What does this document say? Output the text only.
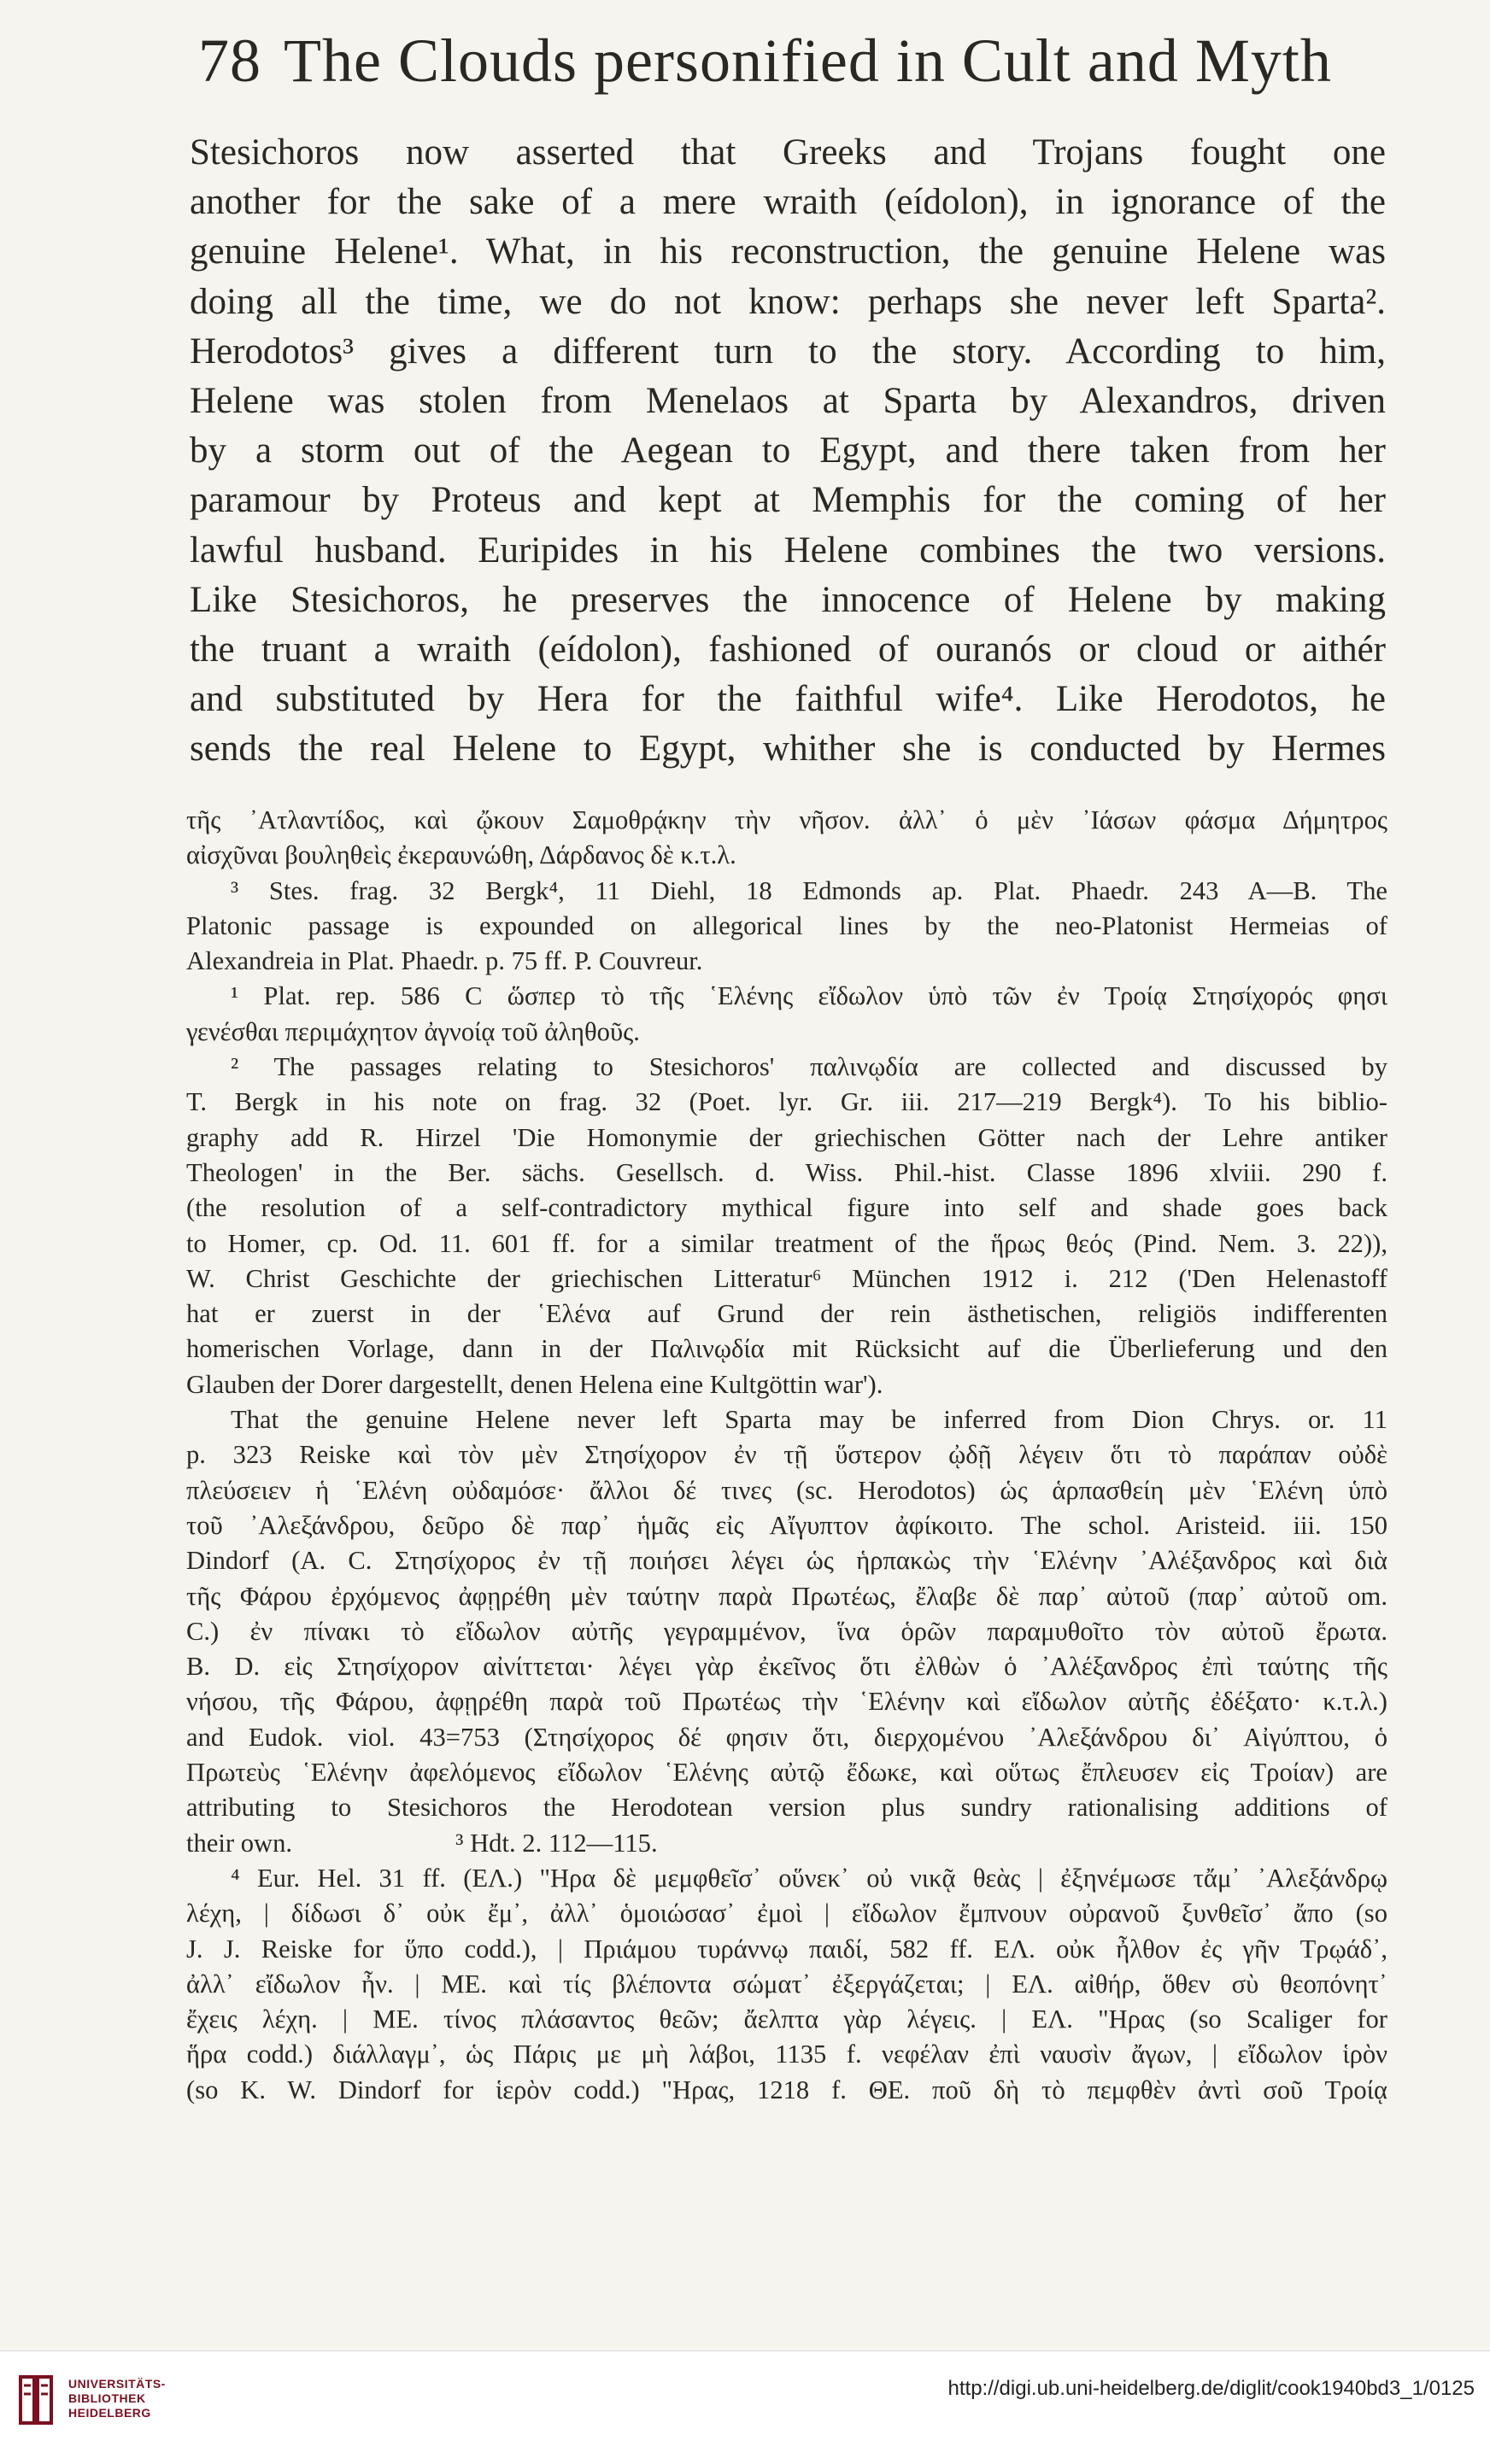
78 The Clouds personified in Cult and Myth
Stesichoros now asserted that Greeks and Trojans fought one
another for the sake of a mere wraith (eídolon), in ignorance of the
genuine Helene¹. What, in his reconstruction, the genuine Helene was
doing all the time, we do not know: perhaps she never left Sparta².
Herodotos³ gives a different turn to the story. According to him,
Helene was stolen from Menelaos at Sparta by Alexandros, driven
by a storm out of the Aegean to Egypt, and there taken from her
paramour by Proteus and kept at Memphis for the coming of her
lawful husband. Euripides in his Helene combines the two versions.
Like Stesichoros, he preserves the innocence of Helene by making
the truant a wraith (eídolon), fashioned of ouranós or cloud or aithér
and substituted by Hera for the faithful wife⁴. Like Herodotos, he
sends the real Helene to Egypt, whither she is conducted by Hermes
τῆς ᾿Ατλαντίδος, καὶ ᾤκουν Σαμοθρᾴκην τὴν νῆσον. ἀλλ᾿ ὁ μὲν ᾿Ιάσων φάσμα Δήμητρος
αἰσχῦναι βουληθεὶς ἐκεραυνώθη, Δάρδανος δὲ κ.τ.λ.
³ Stes. frag. 32 Bergk⁴, 11 Diehl, 18 Edmonds ap. Plat. Phaedr. 243 A—B. The
Platonic passage is expounded on allegorical lines by the neo-Platonist Hermeias of
Alexandreia in Plat. Phaedr. p. 75 ff. P. Couvreur.
¹ Plat. rep. 586 C ὥσπερ τὸ τῆς ῾Ελένης εἴδωλον ὑπὸ τῶν ἐν Τροίᾳ Στησίχορός φησι
γενέσθαι περιμάχητον ἀγνοίᾳ τοῦ ἀληθοῦς.
² The passages relating to Stesichoros' παλινῳδία are collected and discussed by
T. Bergk in his note on frag. 32 (Poet. lyr. Gr. iii. 217—219 Bergk⁴). To his biblio-
graphy add R. Hirzel 'Die Homonymie der griechischen Götter nach der Lehre antiker
Theologen' in the Ber. sächs. Gesellsch. d. Wiss. Phil.-hist. Classe 1896 xlviii. 290 f.
(the resolution of a self-contradictory mythical figure into self and shade goes back
to Homer, cp. Od. 11. 601 ff. for a similar treatment of the ἥρως θεός (Pind. Nem. 3. 22)),
W. Christ Geschichte der griechischen Litteratur⁶ München 1912 i. 212 ('Den Helenastoff
hat er zuerst in der ῾Ελένα auf Grund der rein ästhetischen, religiös indifferenten
homerischen Vorlage, dann in der Παλινῳδία mit Rücksicht auf die Überlieferung und den
Glauben der Dorer dargestellt, denen Helena eine Kultgöttin war').
That the genuine Helene never left Sparta may be inferred from Dion Chrys. or. 11
p. 323 Reiske καὶ τὸν μὲν Στησίχορον ἐν τῇ ὕστερον ᾠδῇ λέγειν ὅτι τὸ παράπαν οὐδὲ
πλεύσειεν ἡ ῾Ελένη οὐδαμόσε· ἄλλοι δέ τινες (sc. Herodotos) ὡς ἁρπασθείη μὲν ῾Ελένη ὑπὸ
τοῦ ᾿Αλεξάνδρου, δεῦρο δὲ παρ᾿ ἡμᾶς εἰς Αἴγυπτον ἀφίκοιτο. The schol. Aristeid. iii. 150
Dindorf (A. C. Στησίχορος ἐν τῇ ποιήσει λέγει ὡς ἡρπακὼς τὴν ῾Ελένην ᾿Αλέξανδρος καὶ διὰ
τῆς Φάρου ἐρχόμενος ἀφῃρέθη μὲν ταύτην παρὰ Πρωτέως, ἔλαβε δὲ παρ᾿ αὐτοῦ (παρ᾿ αὐτοῦ om.
C.) ἐν πίνακι τὸ εἴδωλον αὐτῆς γεγραμμένον, ἵνα ὁρῶν παραμυθοῖτο τὸν αὐτοῦ ἔρωτα.
B. D. εἰς Στησίχορον αἰνίττεται· λέγει γὰρ ἐκεῖνος ὅτι ἐλθὼν ὁ ᾿Αλέξανδρος ἐπὶ ταύτης τῆς
νήσου, τῆς Φάρου, ἀφῃρέθη παρὰ τοῦ Πρωτέως τὴν ῾Ελένην καὶ εἴδωλον αὐτῆς ἐδέξατο· κ.τ.λ.)
and Eudok. viol. 43=753 (Στησίχορος δέ φησιν ὅτι, διερχομένου ᾿Αλεξάνδρου δι᾿ Αἰγύπτου, ὁ
Πρωτεὺς ῾Ελένην ἀφελόμενος εἴδωλον ῾Ελένης αὐτῷ ἔδωκε, καὶ οὕτως ἔπλευσεν εἰς Τροίαν) are
attributing to Stesichoros the Herodotean version plus sundry rationalising additions of
their own.                         ³ Hdt. 2. 112—115.
⁴ Eur. Hel. 31 ff. (ΕΛ.) "Ηρα δὲ μεμφθεῖσ᾿ οὕνεκ᾿ οὐ νικᾷ θεὰς | ἐξηνέμωσε τἄμ᾿ ᾿Αλεξάνδρῳ
λέχη, | δίδωσι δ᾿ οὐκ ἔμ᾿, ἀλλ᾿ ὁμοιώσασ᾿ ἐμοὶ | εἴδωλον ἔμπνουν οὐρανοῦ ξυνθεῖσ᾿ ἄπο (so
J. J. Reiske for ὕπο codd.), | Πριάμου τυράννῳ παιδί, 582 ff. ΕΛ. οὐκ ἦλθον ἐς γῆν Τρῳάδ᾿,
ἀλλ᾿ εἴδωλον ἦν. | ΜΕ. καὶ τίς βλέποντα σώματ᾿ ἐξεργάζεται; | ΕΛ. αἰθήρ, ὅθεν σὺ θεοπόνητ᾿
ἔχεις λέχη. | ΜΕ. τίνος πλάσαντος θεῶν; ἄελπτα γὰρ λέγεις. | ΕΛ. "Ηρας (so Scaliger for
ἥρα codd.) διάλλαγμ᾿, ὡς Πάρις με μὴ λάβοι, 1135 f. νεφέλαν ἐπὶ ναυσὶν ἄγων, | εἴδωλον ἱρὸν
(so K. W. Dindorf for ἱερὸν codd.) "Ηρας, 1218 f. ΘΕ. ποῦ δὴ τὸ πεμφθὲν ἀντὶ σοῦ Τροίᾳ
UNIVERSITÄTS-
BIBLIOTHEK
HEIDELBERG
http://digi.ub.uni-heidelberg.de/diglit/cook1940bd3_1/0125
